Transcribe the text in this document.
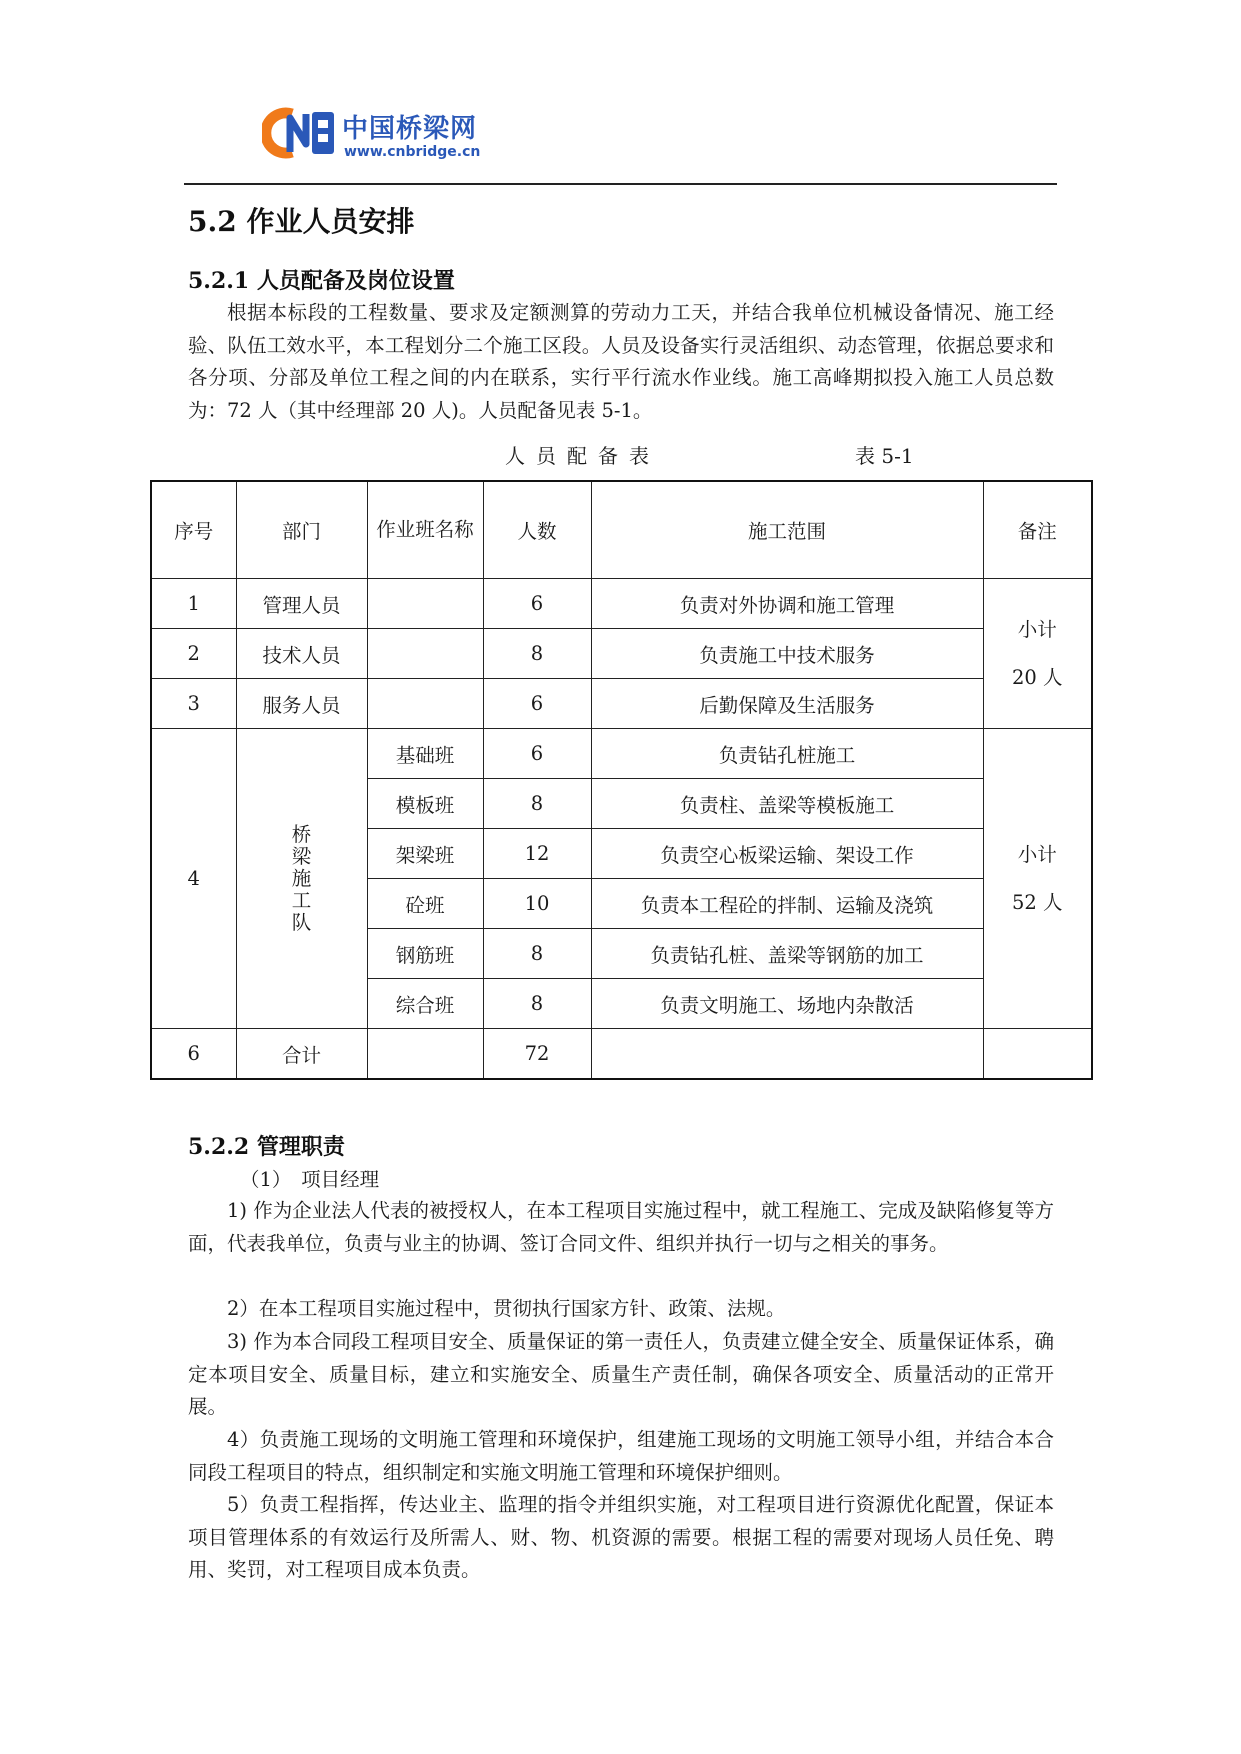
中国桥梁网
www.cnbridge.cn
5.2 作业人员安排
5.2.1 人员配备及岗位设置
根据本标段的工程数量、要求及定额测算的劳动力工天，并结合我单位机械设备情况、施工经验、队伍工效水平，本工程划分二个施工区段。人员及设备实行灵活组织、动态管理，依据总要求和各分项、分部及单位工程之间的内在联系，实行平行流水作业线。施工高峰期拟投入施工人员总数为：72 人（其中经理部 20 人)。人员配备见表 5-1。
人员配备表	表 5-1
序号	部门	作业班名称	人数	施工范围	备注
1	管理人员		6	负责对外协调和施工管理	小计
20 人

2	技术人员		8	负责施工中技术服务	
3	服务人员		6	后勤保障及生活服务	
4	桥梁施工队	基础班	6	负责钻孔桩施工	小计
52 人

		模板班	8	负责柱、盖梁等模板施工	
		架梁班	12	负责空心板梁运输、架设工作	
		砼班	10	负责本工程砼的拌制、运输及浇筑	
		钢筋班	8	负责钻孔桩、盖梁等钢筋的加工	
		综合班	8	负责文明施工、场地内杂散活	
6	合计		72		
5.2.2 管理职责
（1）　项目经理
1) 作为企业法人代表的被授权人，在本工程项目实施过程中，就工程施工、完成及缺陷修复等方面，代表我单位，负责与业主的协调、签订合同文件、组织并执行一切与之相关的事务。
2）在本工程项目实施过程中，贯彻执行国家方针、政策、法规。
3) 作为本合同段工程项目安全、质量保证的第一责任人，负责建立健全安全、质量保证体系，确定本项目安全、质量目标，建立和实施安全、质量生产责任制，确保各项安全、质量活动的正常开展。
4）负责施工现场的文明施工管理和环境保护，组建施工现场的文明施工领导小组，并结合本合同段工程项目的特点，组织制定和实施文明施工管理和环境保护细则。
5）负责工程指挥，传达业主、监理的指令并组织实施，对工程项目进行资源优化配置，保证本项目管理体系的有效运行及所需人、财、物、机资源的需要。根据工程的需要对现场人员任免、聘用、奖罚，对工程项目成本负责。
